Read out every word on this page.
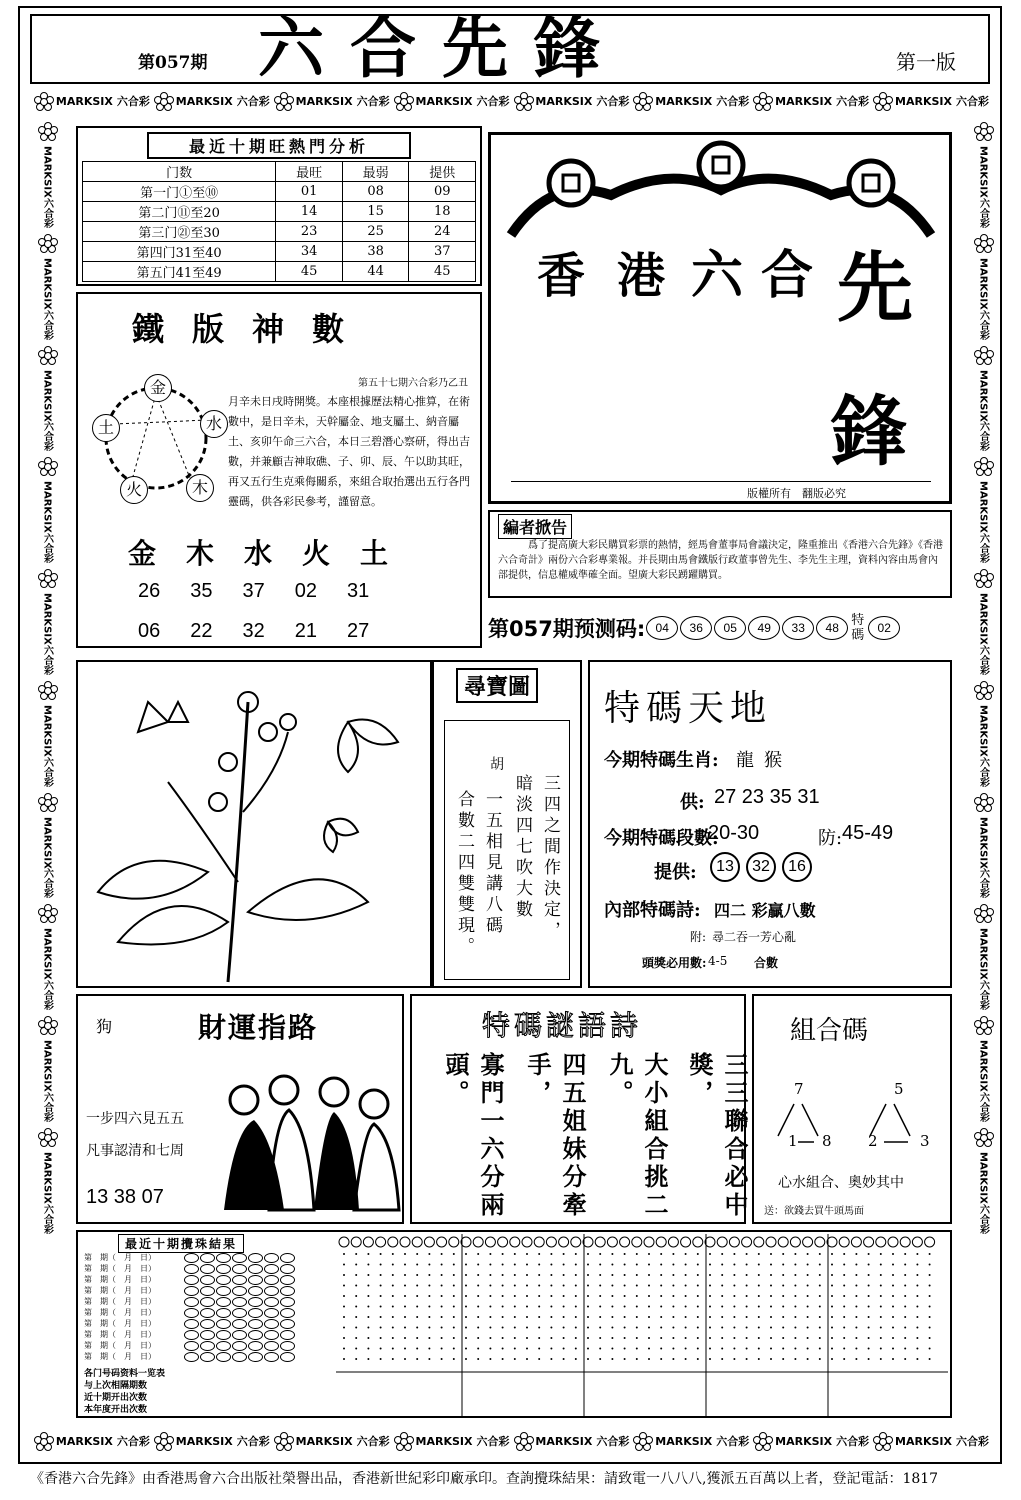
第057期 六合先鋒	第一版
MARKSIX 六合彩 MARKSIX 六合彩 MARKSIX 六合彩 MARKSIX 六合彩 MARKSIX 六合彩 MARKSIX 六合彩 MARKSIX 六合彩 MARKSIX 六合彩
MARKSIX 六合彩 MARKSIX 六合彩 MARKSIX 六合彩 MARKSIX 六合彩 MARKSIX 六合彩 MARKSIX 六合彩 MARKSIX 六合彩 MARKSIX 六合彩
MARKSIX
六合彩
MARKSIX
六合彩
MARKSIX
六合彩
MARKSIX
六合彩
MARKSIX
六合彩
MARKSIX
六合彩
MARKSIX
六合彩
MARKSIX
六合彩
MARKSIX
六合彩
MARKSIX
六合彩
MARKSIX
六合彩
MARKSIX
六合彩
MARKSIX
六合彩
MARKSIX
六合彩
MARKSIX
六合彩
MARKSIX
六合彩
MARKSIX
六合彩
MARKSIX
六合彩
MARKSIX
六合彩
MARKSIX
六合彩
最近十期旺熱門分析
门数	最旺	最弱	提供
第一门①至⑩	01	08	09
第二门⑪至20	14	15	18
第三门㉑至30	23	25	24
第四门31至40	34	38	37
第五门41至49	45	44	45 香 港 六 合 先
鋒
版權所有　翻版必究
鐵版神數
第五十七期六合彩乃乙丑
金
水
木
火
土
月辛未日戌時開獎。本座根據歷法精心推算，在術數中，是日辛未，天幹屬金、地支屬土、納音屬土、亥卯午命三六合，本日三碧潛心察研，得出吉數，并兼顧吉神取礁、子、卯、辰、午以助其旺，再又五行生克乘侮關系，來組合取抬選出五行各門靈碼，供各彩民參考，謹留意。
金木水火土
26 35 37 02 31
06 22 32 21 27
編者掀告
爲了提高廣大彩民購買彩票的熱情，經馬會董事局會議決定，隆重推出《香港六合先鋒》《香港六合奇計》兩份六合彩專業報。并長期由馬會鐵版行政董事曾先生、李先生主理，資料內容由馬會內部提供，信息權威準確全面。望廣大彩民踴躍購買。
第057期预测码: 04	36	05	49	33	48 特碼	02
尋寶圖
胡
三四之間作決定，
暗淡四七吹大數
一五相見講八碼
合數二四雙雙現。
特碼天地
今期特碼生肖: 龍猴
供: 27 23 35 31
今期特碼段數:
20-30	防: 45-49
提供:	13	32	16
內部特碼詩: 四二 彩贏八數
附: 尋二吞一芳心亂
頭獎必用數: 4-5 合數
狗	財運指路
一步四六見五五
凡事認清和七周
13 38 07
特碼謎語詩
三三聯合必中獎，
大小組合挑二九。
四五姐妹分牽手，
寡門一六分兩頭。
組合碼
7
1 8
5
2	3
心水組合、奧妙其中
送：欲錢去買牛頭馬面
最近十期攪珠結果
第　期（　月　日）
第　期（　月　日）
第　期（　月　日）
第　期（　月　日）
第　期（　月　日）
第　期（　月　日）
第　期（　月　日）
第　期（　月　日）
第　期（　月　日）
第　期（　月　日）
各门号码资料一览表
与上次相隔期数
近十期开出次数
本年度开出次数
《香港六合先鋒》由香港馬會六合出版社榮譽出品，香港新世紀彩印廠承印。查詢攪珠結果：請致電一八八八,獲派五百萬以上者，登記電話：1817
